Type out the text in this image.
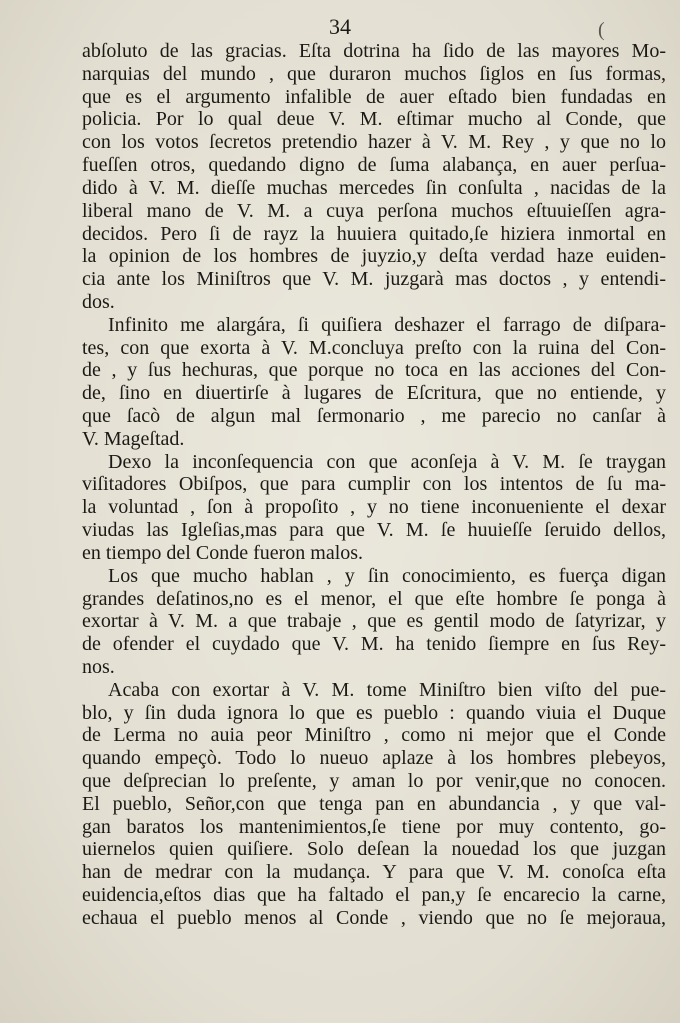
34	(
abſoluto de las gracias. Eſta dotrina ha ſido de las mayores Mo-
narquias del mundo , que duraron muchos ſiglos en ſus formas,
que es el argumento infalible de auer eſtado bien fundadas en
policia. Por lo qual deue V. M. eſtimar mucho al Conde, que
con los votos ſecretos pretendio hazer à V. M. Rey , y que no lo
fueſſen otros, quedando digno de ſuma alabança, en auer perſua-
dido à V. M. dieſſe muchas mercedes ſin conſulta , nacidas de la
liberal mano de V. M. a cuya perſona muchos eſtuuieſſen agra-
decidos. Pero ſi de rayz la huuiera quitado,ſe hiziera inmortal en
la opinion de los hombres de juyzio,y deſta verdad haze euiden-
cia ante los Miniſtros que V. M. juzgarà mas doctos , y entendi-
dos.
Infinito me alargára, ſi quiſiera deshazer el farrago de diſpara-
tes, con que exorta à V. M.concluya preſto con la ruina del Con-
de , y ſus hechuras, que porque no toca en las acciones del Con-
de, ſino en diuertirſe à lugares de Eſcritura, que no entiende, y
que ſacò de algun mal ſermonario , me parecio no canſar à
V. Mageſtad.
Dexo la inconſequencia con que aconſeja à V. M. ſe traygan
viſitadores Obiſpos, que para cumplir con los intentos de ſu ma-
la voluntad , ſon à propoſito , y no tiene inconueniente el dexar
viudas las Igleſias,mas para que V. M. ſe huuieſſe ſeruido dellos,
en tiempo del Conde fueron malos.
Los que mucho hablan , y ſin conocimiento, es fuerça digan
grandes deſatinos,no es el menor, el que eſte hombre ſe ponga à
exortar à V. M. a que trabaje , que es gentil modo de ſatyrizar, y
de ofender el cuydado que V. M. ha tenido ſiempre en ſus Rey-
nos.
Acaba con exortar à V. M. tome Miniſtro bien viſto del pue-
blo, y ſin duda ignora lo que es pueblo : quando viuia el Duque
de Lerma no auia peor Miniſtro , como ni mejor que el Conde
quando empeçò. Todo lo nueuo aplaze à los hombres plebeyos,
que deſprecian lo preſente, y aman lo por venir,que no conocen.
El pueblo, Señor,con que tenga pan en abundancia , y que val-
gan baratos los mantenimientos,ſe tiene por muy contento, go-
uiernelos quien quiſiere. Solo deſean la nouedad los que juzgan
han de medrar con la mudança. Y para que V. M. conoſca eſta
euidencia,eſtos dias que ha faltado el pan,y ſe encarecio la carne,
echaua el pueblo menos al Conde , viendo que no ſe mejoraua,
